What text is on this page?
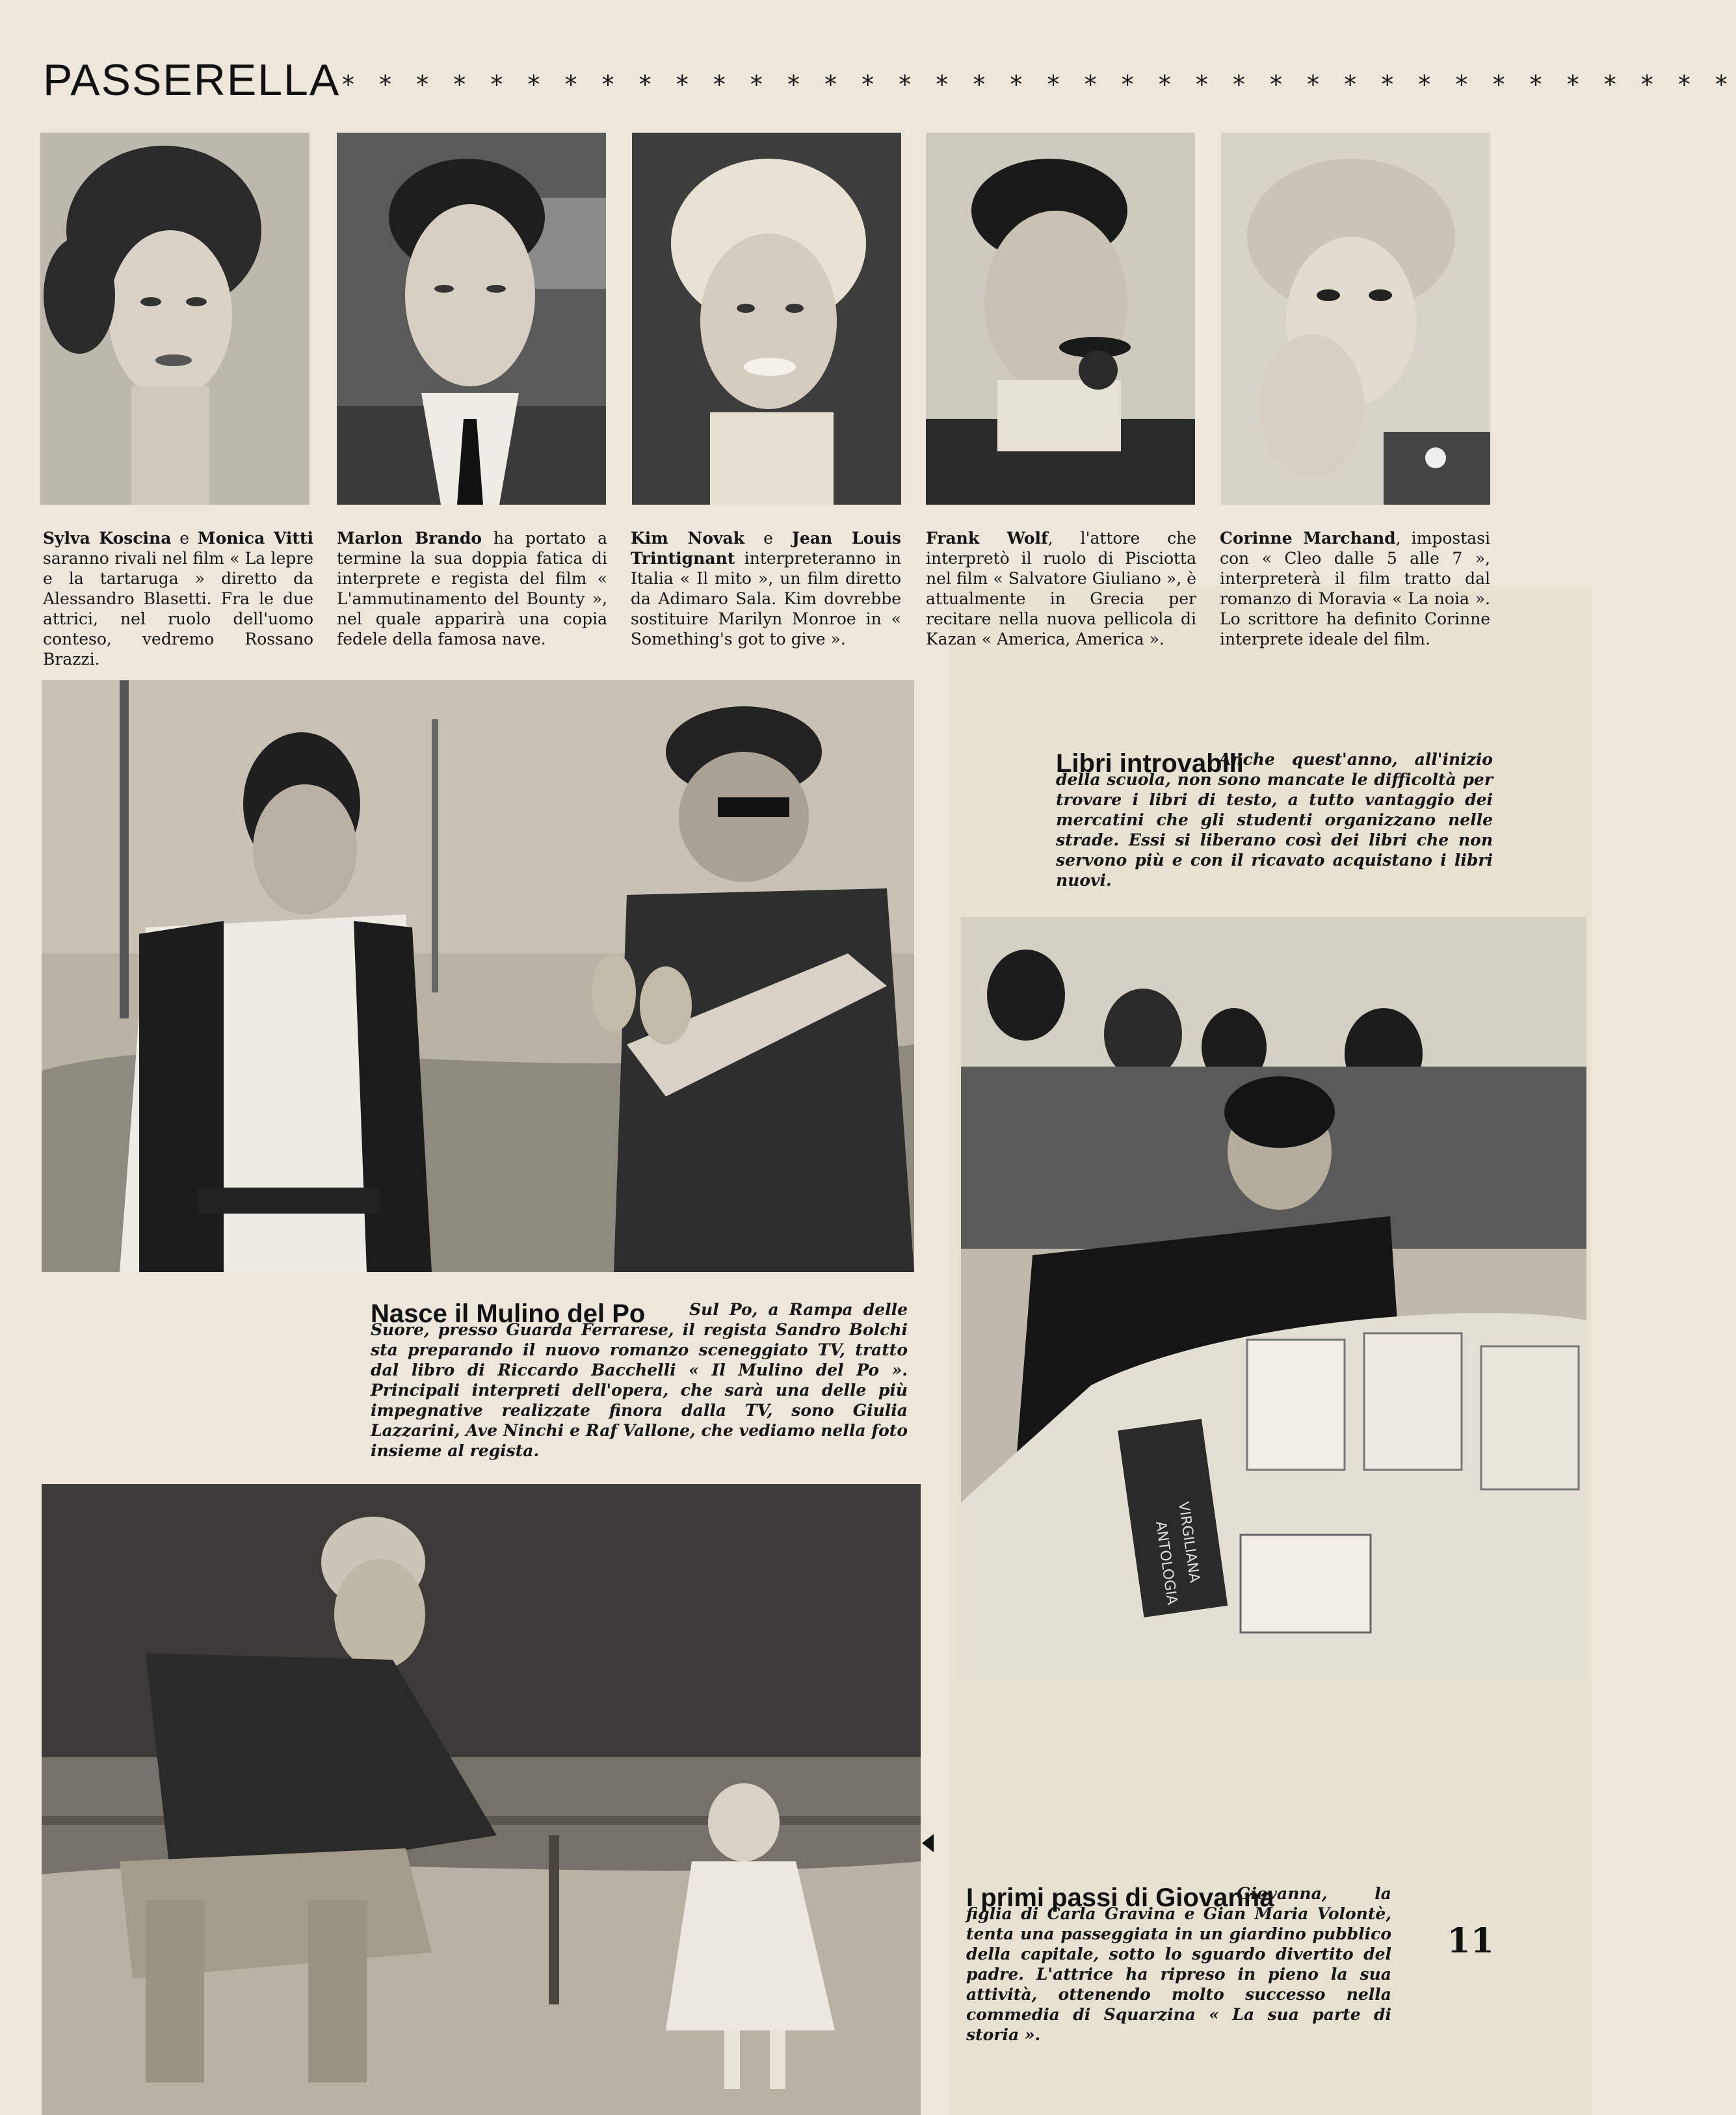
PASSERELLA * * * * * * * * * * * * * * * * * * * * * * * * * * * * * * * * * * * * * *
Sylva Koscina e Monica Vitti saranno rivali nel film « La lepre e la tartaruga » diretto da Alessandro Blasetti. Fra le due attrici, nel ruolo dell'uomo conteso, vedremo Rossano Brazzi.
Marlon Brando ha portato a termine la sua doppia fatica di interprete e regista del film « L'ammutinamento del Bounty », nel quale apparirà una copia fedele della famosa nave.
Kim Novak e Jean Louis Trintignant interpreteranno in Italia « Il mito », un film diretto da Adimaro Sala. Kim dovrebbe sostituire Marilyn Monroe in « Something's got to give ».
Frank Wolf, l'attore che interpretò il ruolo di Pisciotta nel film « Salvatore Giuliano », è attualmente in Grecia per recitare nella nuova pellicola di Kazan « America, America ».
Corinne Marchand, impostasi con « Cleo dalle 5 alle 7 », interpreterà il film tratto dal romanzo di Moravia « La noia ». Lo scrittore ha definito Corinne interprete ideale del film.

Libri introvabili
Anche quest'anno, all'inizio della scuola, non sono mancate le difficoltà per trovare i libri di testo, a tutto vantaggio dei mercatini che gli studenti organizzano nelle strade. Essi si liberano così dei libri che non servono più e con il ricavato acquistano i libri nuovi.
Nasce il Mulino del Po	Sul Po, a Rampa delle Suore, presso Guarda Ferrarese, il regista Sandro Bolchi sta preparando il nuovo romanzo sceneggiato TV, tratto dal libro di Riccardo Bacchelli « Il Mulino del Po ». Principali interpreti dell'opera, che sarà una delle più impegnative realizzate finora dalla TV, sono Giulia Lazzarini, Ave Ninchi e Raf Vallone, che vediamo nella foto insieme al regista.
ANTOLOGIA
VIRGILIANA
I primi passi di Giovanna
Giovanna, la figlia di Carla Gravina e Gian Maria Volontè, tenta una passeggiata in un giardino pubblico della capitale, sotto lo sguardo divertito del padre. L'attrice ha ripreso in pieno la sua attività, ottenendo molto successo nella commedia di Squarzina « La sua parte di storia ».
11
